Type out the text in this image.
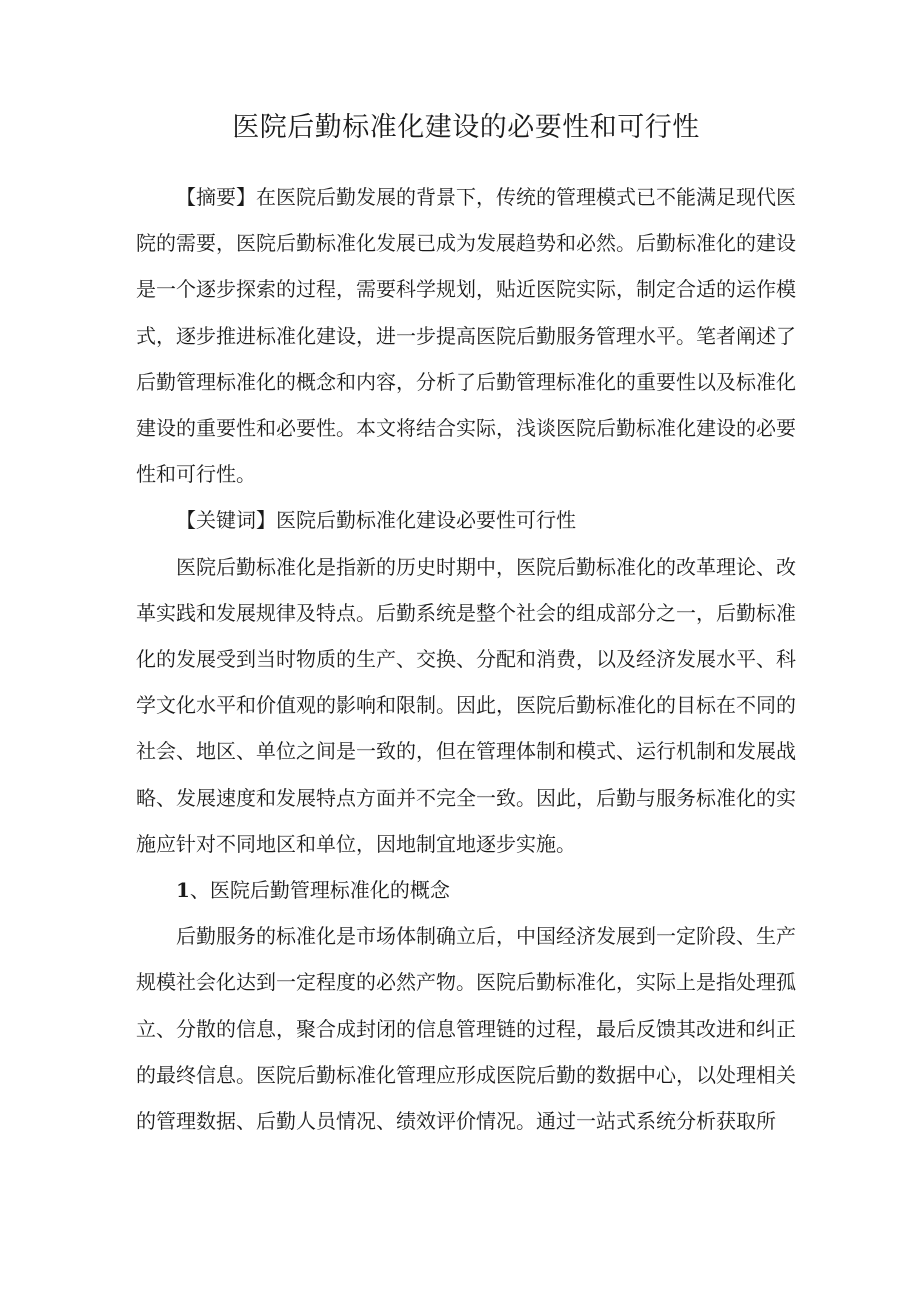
医院后勤标准化建设的必要性和可行性

【摘要】在医院后勤发展的背景下，传统的管理模式已不能满足现代医院的需要，医院后勤标准化发展已成为发展趋势和必然。后勤标准化的建设是一个逐步探索的过程，需要科学规划，贴近医院实际，制定合适的运作模式，逐步推进标准化建设，进一步提高医院后勤服务管理水平。笔者阐述了后勤管理标准化的概念和内容，分析了后勤管理标准化的重要性以及标准化建设的重要性和必要性。本文将结合实际，浅谈医院后勤标准化建设的必要性和可行性。

【关键词】医院后勤标准化建设必要性可行性

医院后勤标准化是指新的历史时期中，医院后勤标准化的改革理论、改革实践和发展规律及特点。后勤系统是整个社会的组成部分之一，后勤标准化的发展受到当时物质的生产、交换、分配和消费，以及经济发展水平、科学文化水平和价值观的影响和限制。因此，医院后勤标准化的目标在不同的社会、地区、单位之间是一致的，但在管理体制和模式、运行机制和发展战略、发展速度和发展特点方面并不完全一致。因此，后勤与服务标准化的实施应针对不同地区和单位，因地制宜地逐步实施。

1、医院后勤管理标准化的概念

后勤服务的标准化是市场体制确立后，中国经济发展到一定阶段、生产规模社会化达到一定程度的必然产物。医院后勤标准化，实际上是指处理孤立、分散的信息，聚合成封闭的信息管理链的过程，最后反馈其改进和纠正的最终信息。医院后勤标准化管理应形成医院后勤的数据中心，以处理相关的管理数据、后勤人员情况、绩效评价情况。通过一站式系统分析获取所
